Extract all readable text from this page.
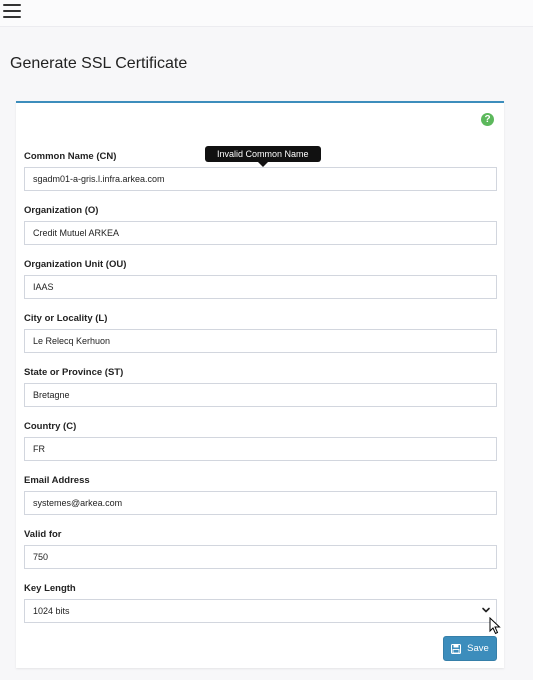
Generate SSL Certificate
?
Invalid Common Name
Common Name (CN)
sgadm01-a-gris.l.infra.arkea.com
Organization (O)
Credit Mutuel ARKEA
Organization Unit (OU)
IAAS
City or Locality (L)
Le Relecq Kerhuon
State or Province (ST)
Bretagne
Country (C)
FR
Email Address
systemes@arkea.com
Valid for
750
Key Length
1024 bits
Save
